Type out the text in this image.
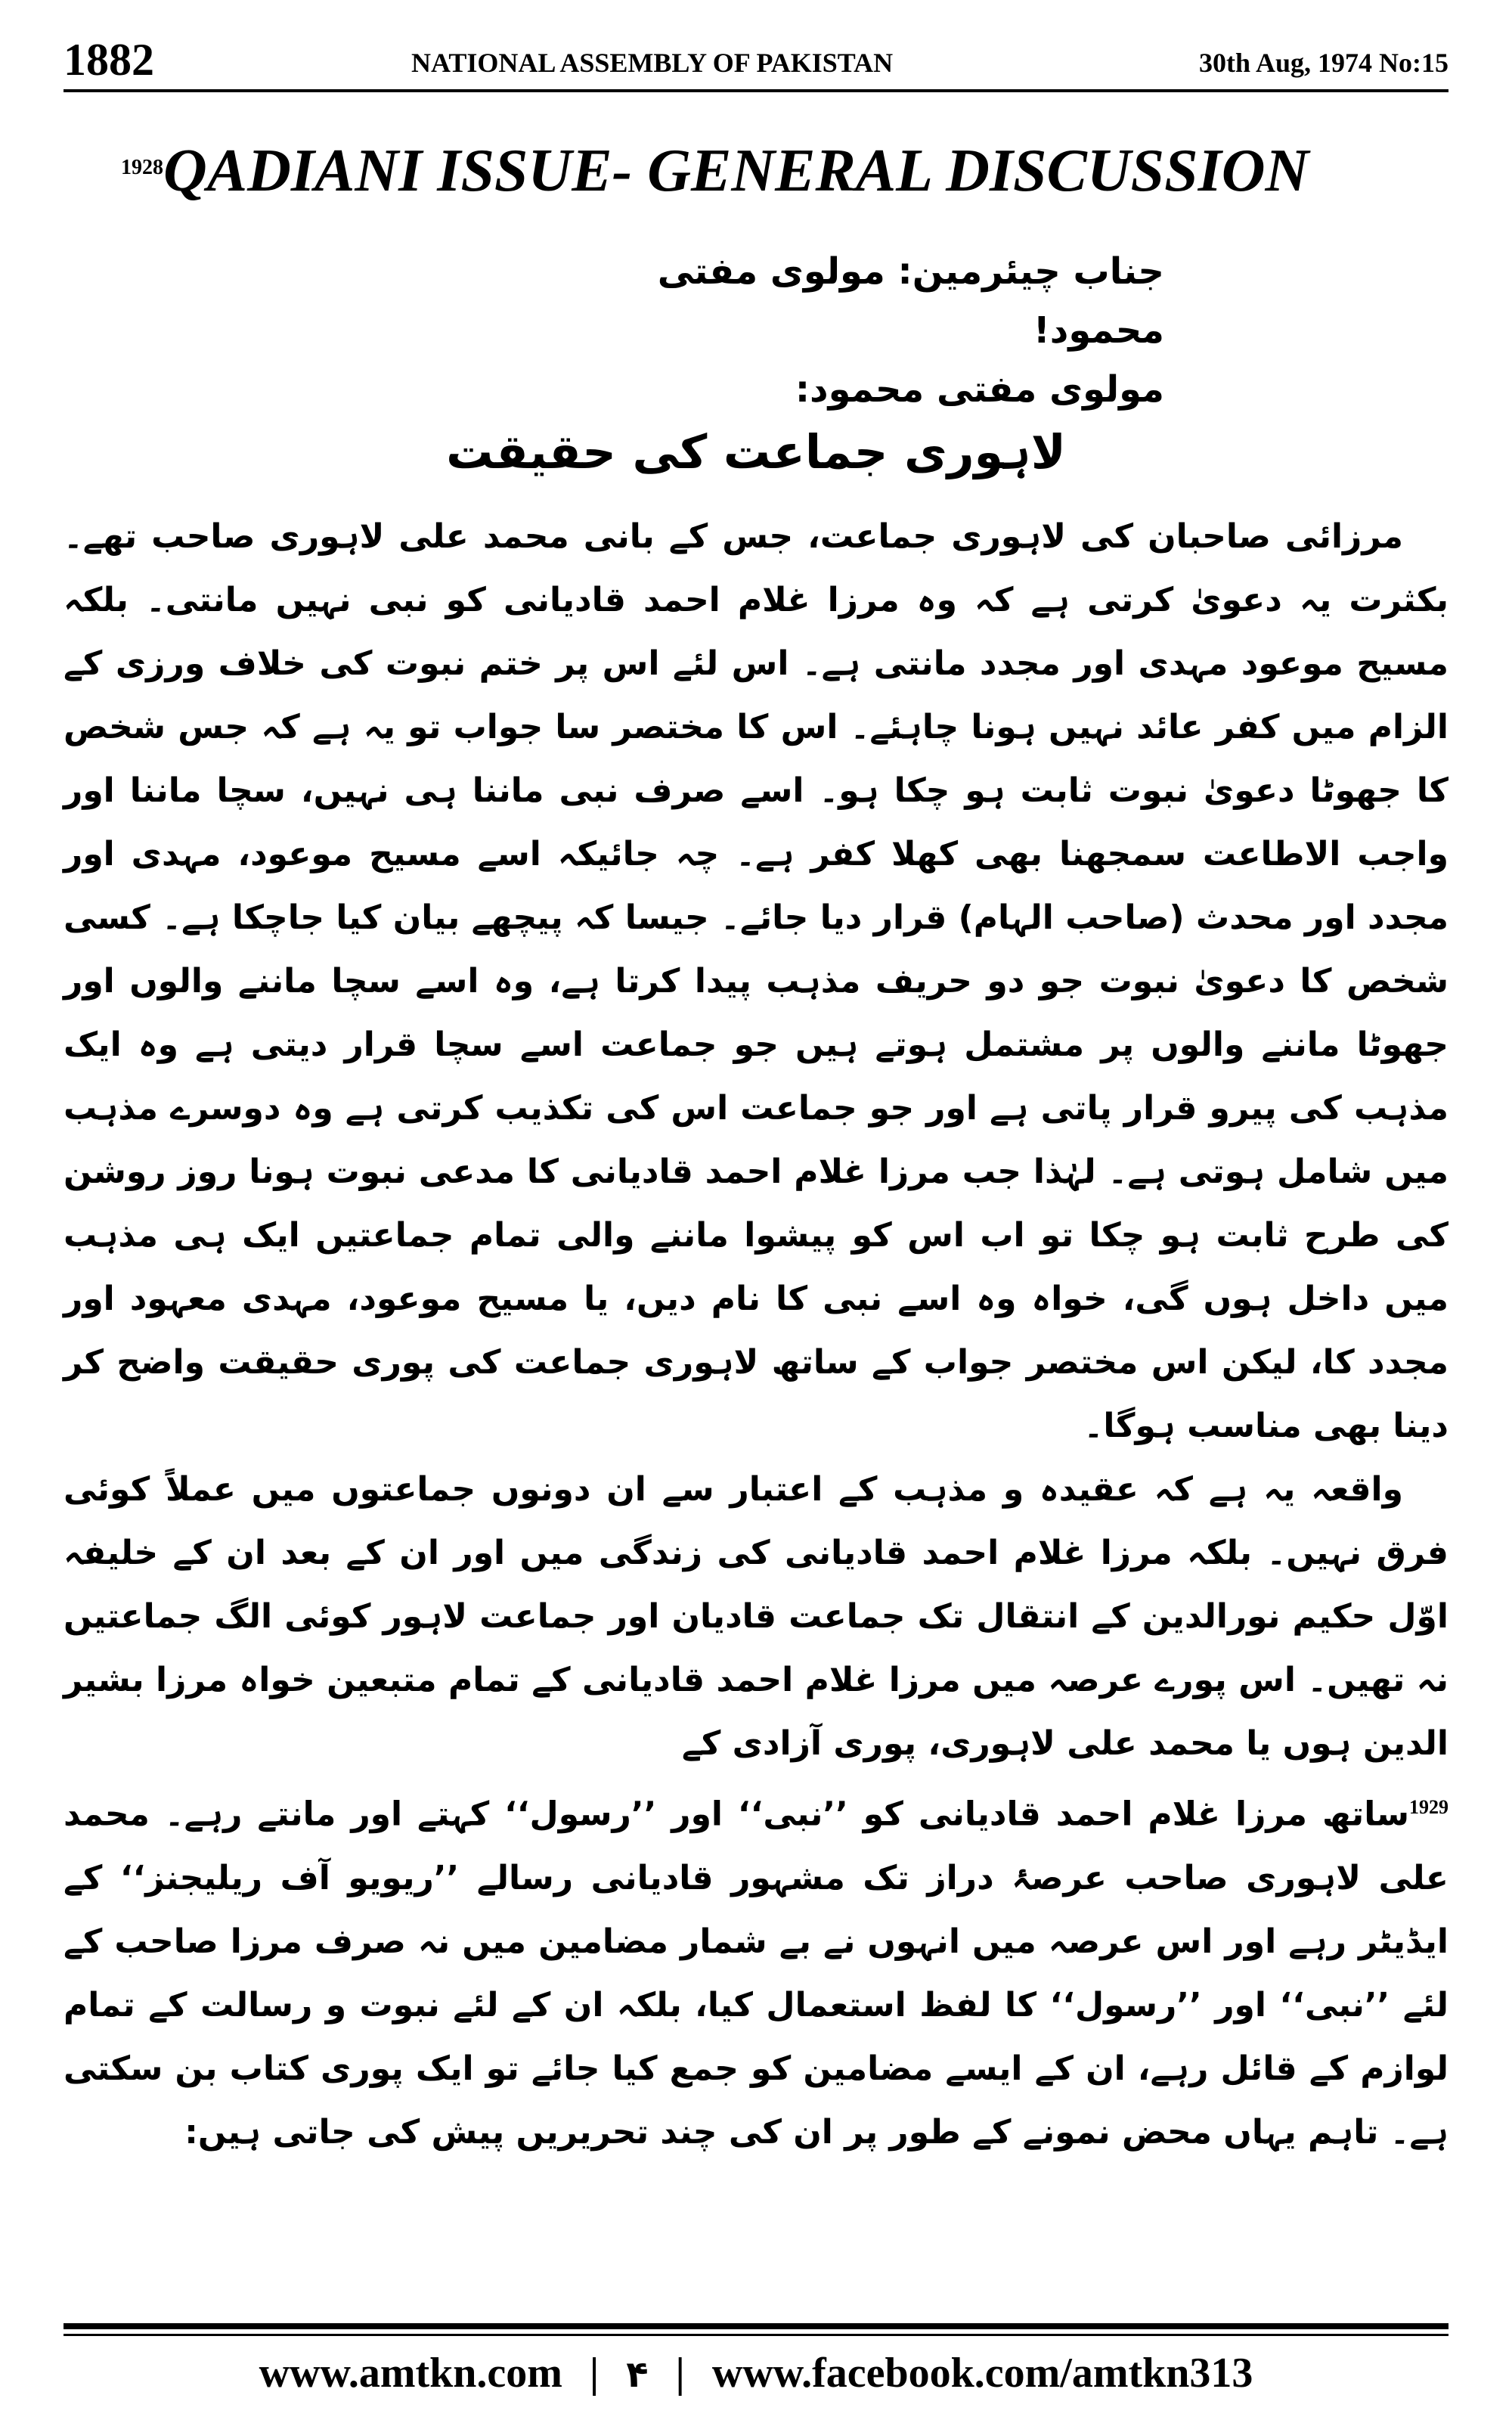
1882	NATIONAL ASSEMBLY OF PAKISTAN	30th Aug, 1974 No:15
$^{1928}$QADIANI ISSUE- GENERAL DISCUSSION
جناب چیئرمین: مولوی مفتی محمود!
مولوی مفتی محمود:
لاہوری جماعت کی حقیقت

مرزائی صاحبان کی لاہوری جماعت، جس کے بانی محمد علی لاہوری صاحب تھے۔ بکثرت یہ دعویٰ کرتی ہے کہ وہ مرزا غلام احمد قادیانی کو نبی نہیں مانتی۔ بلکہ مسیح موعود مہدی اور مجدد مانتی ہے۔ اس لئے اس پر ختم نبوت کی خلاف ورزی کے الزام میں کفر عائد نہیں ہونا چاہئے۔ اس کا مختصر سا جواب تو یہ ہے کہ جس شخص کا جھوٹا دعویٰ نبوت ثابت ہو چکا ہو۔ اسے صرف نبی ماننا ہی نہیں، سچا ماننا اور واجب الاطاعت سمجھنا بھی کھلا کفر ہے۔ چہ جائیکہ اسے مسیح موعود، مہدی اور مجدد اور محدث (صاحب الہام) قرار دیا جائے۔ جیسا کہ پیچھے بیان کیا جاچکا ہے۔ کسی شخص کا دعویٰ نبوت جو دو حریف مذہب پیدا کرتا ہے، وہ اسے سچا ماننے والوں اور جھوٹا ماننے والوں پر مشتمل ہوتے ہیں جو جماعت اسے سچا قرار دیتی ہے وہ ایک مذہب کی پیرو قرار پاتی ہے اور جو جماعت اس کی تکذیب کرتی ہے وہ دوسرے مذہب میں شامل ہوتی ہے۔ لہٰذا جب مرزا غلام احمد قادیانی کا مدعی نبوت ہونا روز روشن کی طرح ثابت ہو چکا تو اب اس کو پیشوا ماننے والی تمام جماعتیں ایک ہی مذہب میں داخل ہوں گی، خواہ وہ اسے نبی کا نام دیں، یا مسیح موعود، مہدی معہود اور مجدد کا، لیکن اس مختصر جواب کے ساتھ لاہوری جماعت کی پوری حقیقت واضح کر دینا بھی مناسب ہوگا۔

واقعہ یہ ہے کہ عقیدہ و مذہب کے اعتبار سے ان دونوں جماعتوں میں عملاً کوئی فرق نہیں۔ بلکہ مرزا غلام احمد قادیانی کی زندگی میں اور ان کے بعد ان کے خلیفہ اوّل حکیم نورالدین کے انتقال تک جماعت قادیان اور جماعت لاہور کوئی الگ جماعتیں نہ تھیں۔ اس پورے عرصہ میں مرزا غلام احمد قادیانی کے تمام متبعین خواہ مرزا بشیر الدین ہوں یا محمد علی لاہوری، پوری آزادی کے

$^{1929}$ساتھ مرزا غلام احمد قادیانی کو ’’نبی‘‘ اور ’’رسول‘‘ کہتے اور مانتے رہے۔ محمد علی لاہوری صاحب عرصۂ دراز تک مشہور قادیانی رسالے ’’ریویو آف ریلیجنز‘‘ کے ایڈیٹر رہے اور اس عرصہ میں انہوں نے بے شمار مضامین میں نہ صرف مرزا صاحب کے لئے ’’نبی‘‘ اور ’’رسول‘‘ کا لفظ استعمال کیا، بلکہ ان کے لئے نبوت و رسالت کے تمام لوازم کے قائل رہے، ان کے ایسے مضامین کو جمع کیا جائے تو ایک پوری کتاب بن سکتی ہے۔ تاہم یہاں محض نمونے کے طور پر ان کی چند تحریریں پیش کی جاتی ہیں:

www.amtkn.com | ۴ | www.facebook.com/amtkn313
